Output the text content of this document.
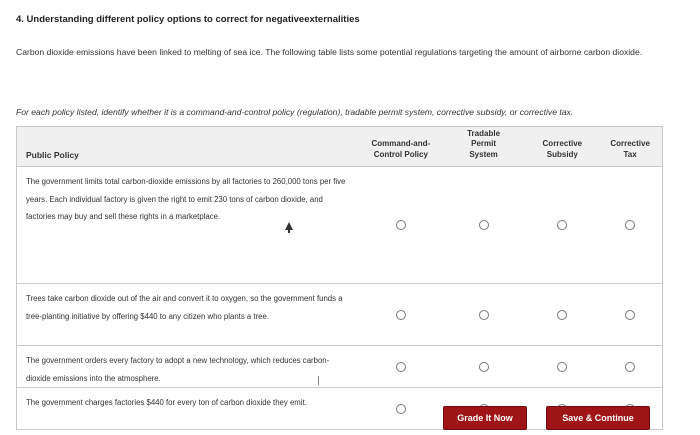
4. Understanding different policy options to correct for negativeexternalities
Carbon dioxide emissions have been linked to melting of sea ice. The following table lists some potential regulations targeting the amount of airborne carbon dioxide.
For each policy listed, identify whether it is a command-and-control policy (regulation), tradable permit system, corrective subsidy, or corrective tax.
Public Policy
Command-and-
Control Policy
Tradable
Permit
System
Corrective
Subsidy
Corrective
Tax
The government limits total carbon-dioxide emissions by all factories to 260,000 tons per five years. Each individual factory is given the right to emit 230 tons of carbon dioxide, and factories may buy and sell these rights in a marketplace.
Trees take carbon dioxide out of the air and convert it to oxygen, so the government funds a tree-planting initiative by offering $440 to any citizen who plants a tree.
The government orders every factory to adopt a new technology, which reduces carbon-dioxide emissions into the atmosphere.
The government charges factories $440 for every ton of carbon dioxide they emit.
Grade It Now	Save & Continue
